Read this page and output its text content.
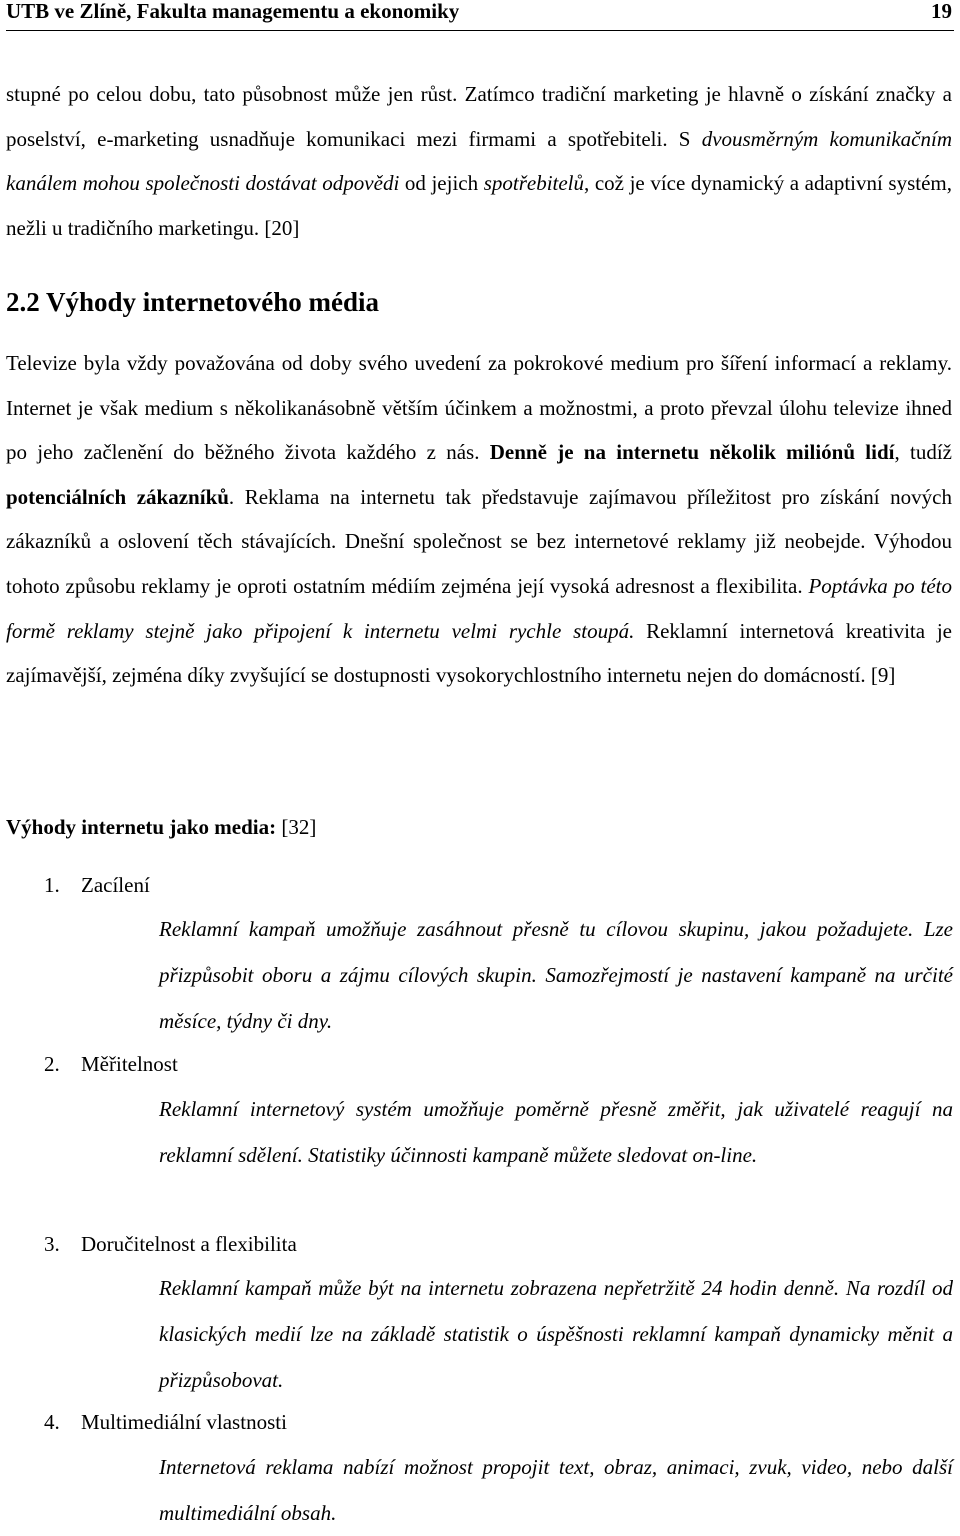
UTB ve Zlíně, Fakulta managementu a ekonomiky	19

stupné po celou dobu, tato působnost může jen růst. Zatímco tradiční marketing je hlavně o získání značky a poselství, e-marketing usnadňuje komunikaci mezi firmami a spotřebiteli. S dvousměrným komunikačním kanálem mohou společnosti dostávat odpovědi od jejich spotřebitelů, což je více dynamický a adaptivní systém, nežli u tradičního marketingu. [20]

2.2 Výhody internetového média

Televize byla vždy považována od doby svého uvedení za pokrokové medium pro šíření informací a reklamy. Internet je však medium s několikanásobně větším účinkem a možnostmi, a proto převzal úlohu televize ihned po jeho začlenění do běžného života každého z nás. Denně je na internetu několik miliónů lidí, tudíž potenciálních zákazníků. Reklama na internetu tak představuje zajímavou příležitost pro získání nových zákazníků a oslovení těch stávajících. Dnešní společnost se bez internetové reklamy již neobejde. Výhodou tohoto způsobu reklamy je oproti ostatním médiím zejména její vysoká adresnost a flexibilita. Poptávka po této formě reklamy stejně jako připojení k internetu velmi rychle stoupá. Reklamní internetová kreativita je zajímavější, zejména díky zvyšující se dostupnosti vysokorychlostního internetu nejen do domácností. [9]

Výhody internetu jako media: [32]

1. Zacílení

Reklamní kampaň umožňuje zasáhnout přesně tu cílovou skupinu, jakou požadujete. Lze přizpůsobit oboru a zájmu cílových skupin. Samozřejmostí je nastavení kampaně na určité měsíce, týdny či dny.

2. Měřitelnost

Reklamní internetový systém umožňuje poměrně přesně změřit, jak uživatelé reagují na reklamní sdělení. Statistiky účinnosti kampaně můžete sledovat on-line.

3. Doručitelnost a flexibilita

Reklamní kampaň může být na internetu zobrazena nepřetržitě 24 hodin denně. Na rozdíl od klasických medií lze na základě statistik o úspěšnosti reklamní kampaň dynamicky měnit a přizpůsobovat.

4. Multimediální vlastnosti

Internetová reklama nabízí možnost propojit text, obraz, animaci, zvuk, video, nebo další multimediální obsah.
